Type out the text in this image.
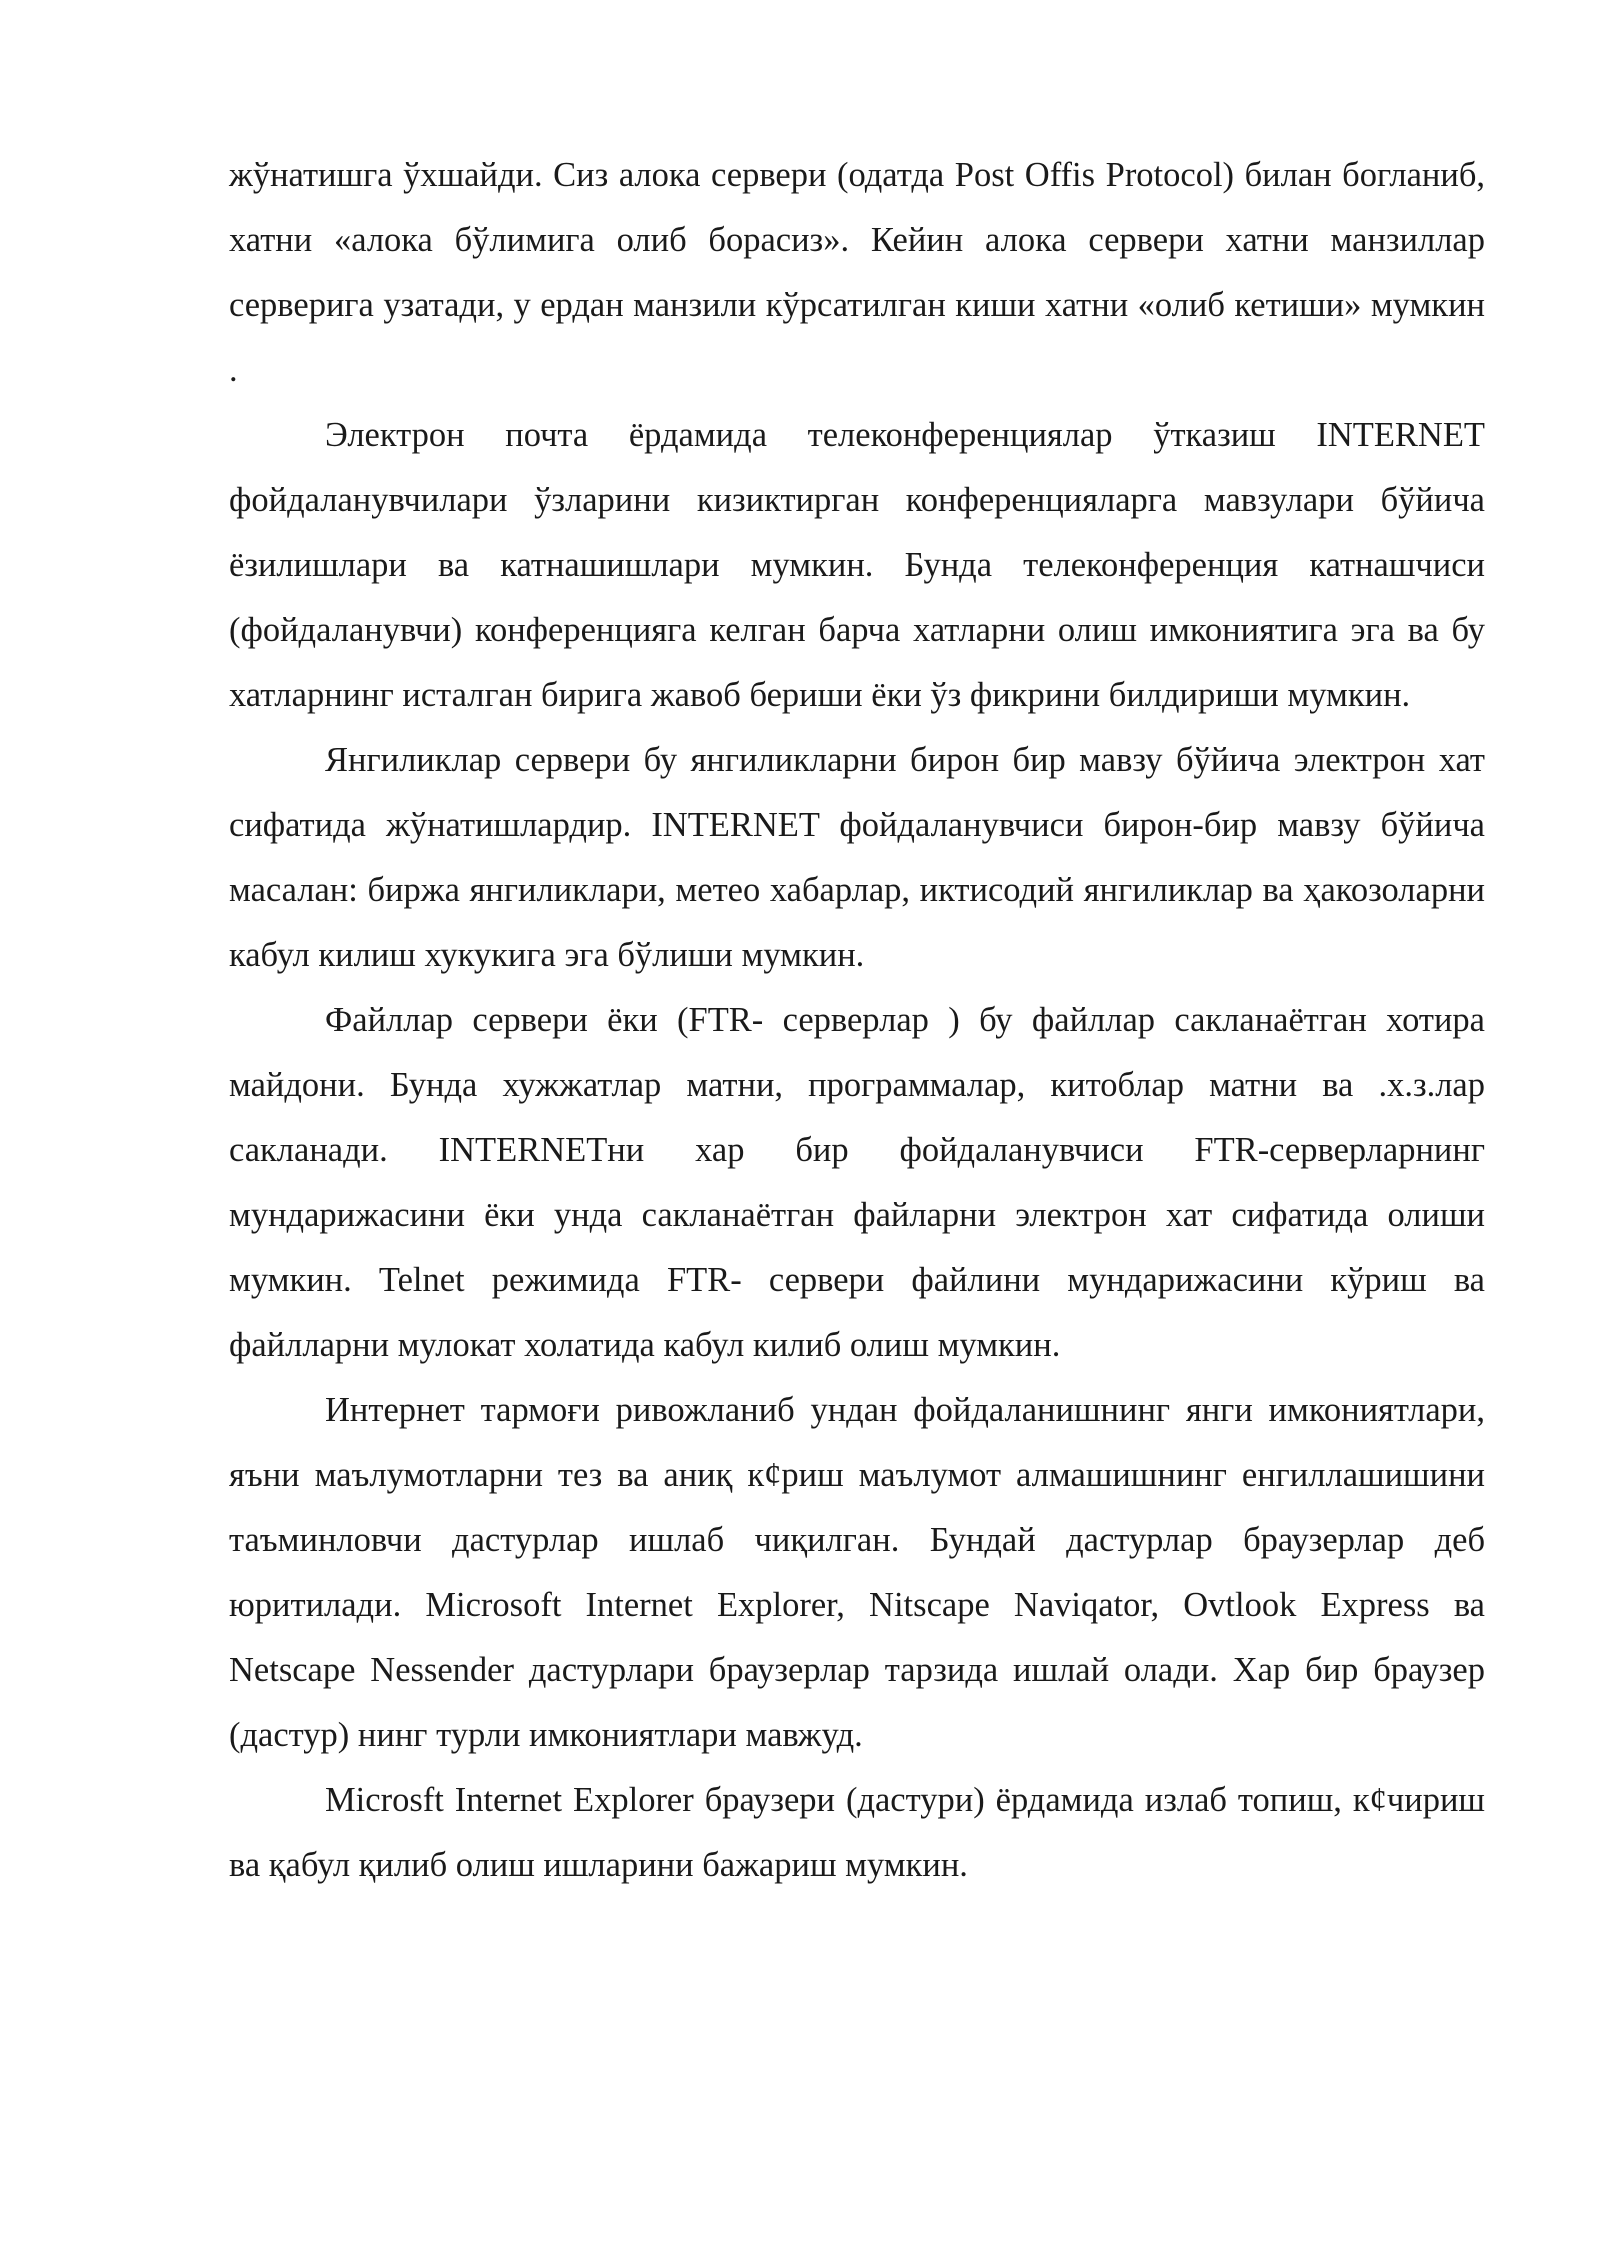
жўнатишга ўхшайди. Сиз алока сервери (одатда Post Offis Protocol) билан богланиб, хатни «алока бўлимига олиб борасиз». Кейин алока сервери хатни манзиллар серверига узатади, у ердан манзили кўрсатилган киши хатни «олиб кетиши» мумкин .

Электрон почта ёрдамида телеконференциялар ўтказиш INTERNET фойдаланувчилари ўзларини кизиктирган конференцияларга мавзулари бўйича ёзилишлари ва катнашишлари мумкин. Бунда телеконференция катнашчиси (фойдаланувчи) конференцияга келган барча хатларни олиш имкониятига эга ва бу хатларнинг исталган бирига жавоб бериши ёки ўз фикрини билдириши мумкин.

Янгиликлар сервери бу янгиликларни бирон бир мавзу бўйича электрон хат сифатида жўнатишлардир. INTERNET фойдаланувчиси бирон-бир мавзу бўйича масалан: биржа янгиликлари, метео хабарлар, иктисодий янгиликлар ва ҳакозоларни кабул килиш хукукига эга бўлиши мумкин.

Файллар сервери ёки (FTR- серверлар ) бу файллар сакланаётган хотира майдони. Бунда хужжатлар матни, программалар, китоблар матни ва .х.з.лар сакланади. INTERNETни хар бир фойдаланувчиси FTR-серверларнинг мундарижасини ёки унда сакланаётган файларни электрон хат сифатида олиши мумкин. Telnet режимида FTR- сервери файлини мундарижасини кўриш ва файлларни мулокат холатида кабул килиб олиш мумкин.

Интернет тармоғи ривожланиб ундан фойдаланишнинг янги имкониятлари, яъни маълумотларни тез ва аниқ к¢риш маълумот алмашишнинг енгиллашишини таъминловчи дастурлар ишлаб чиқилган. Бундай дастурлар браузерлар деб юритилади. Microsoft Internet Explorer, Nitscape Naviqator, Ovtlook Express ва Netscape Nessender дастурлари браузерлар тарзида ишлай олади. Хар бир браузер (дастур) нинг турли имкониятлари мавжуд.

Microsft Internet Explorer браузери (дастури) ёрдамида излаб топиш, к¢чириш ва қабул қилиб олиш ишларини бажариш мумкин.
